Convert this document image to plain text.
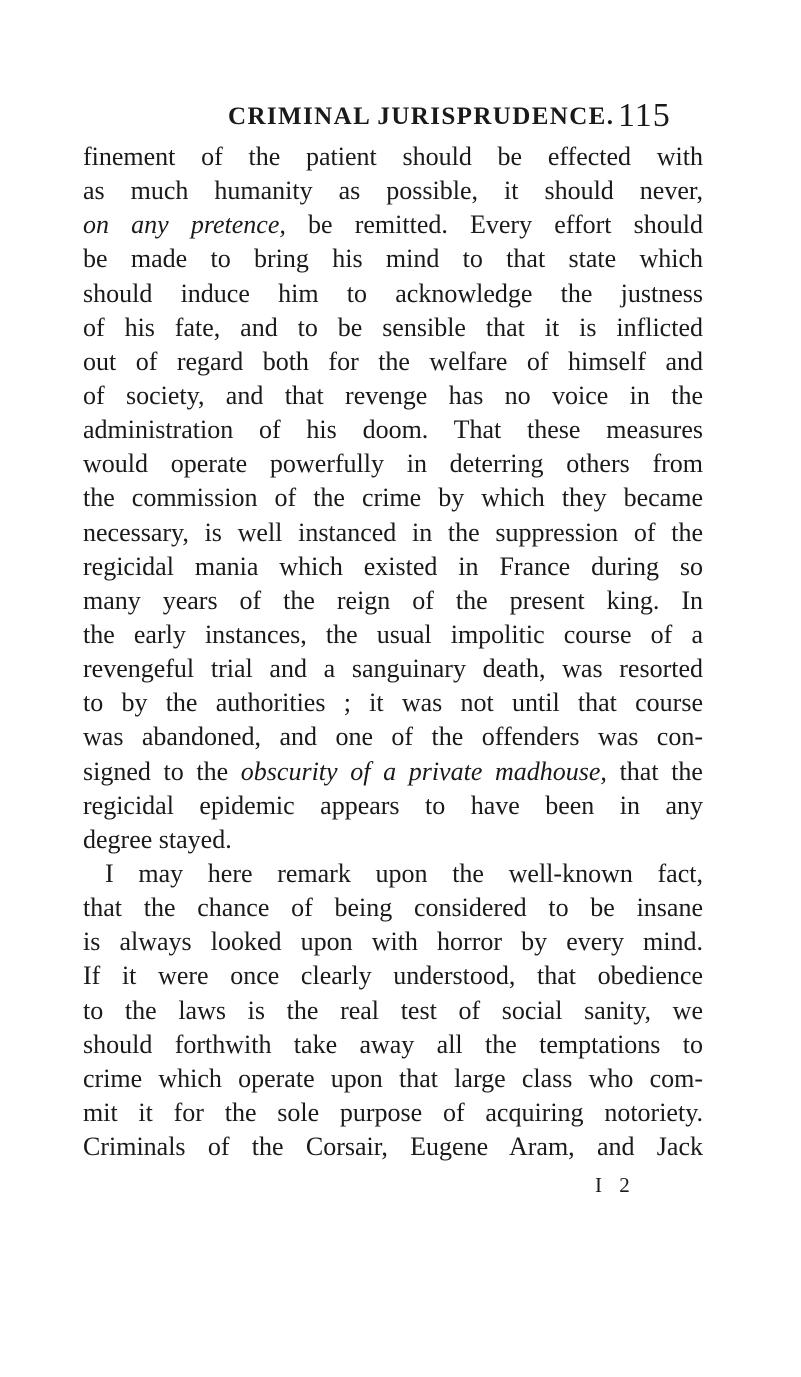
CRIMINAL JURISPRUDENCE. 115
finement of the patient should be effected with
as much humanity as possible, it should never,
on any pretence, be remitted. Every effort should
be made to bring his mind to that state which
should induce him to acknowledge the justness
of his fate, and to be sensible that it is inflicted
out of regard both for the welfare of himself and
of society, and that revenge has no voice in the
administration of his doom. That these measures
would operate powerfully in deterring others from
the commission of the crime by which they became
necessary, is well instanced in the suppression of the
regicidal mania which existed in France during so
many years of the reign of the present king. In
the early instances, the usual impolitic course of a
revengeful trial and a sanguinary death, was resorted
to by the authorities ; it was not until that course
was abandoned, and one of the offenders was con-
signed to the obscurity of a private madhouse, that the
regicidal epidemic appears to have been in any
degree stayed.
I may here remark upon the well-known fact,
that the chance of being considered to be insane
is always looked upon with horror by every mind.
If it were once clearly understood, that obedience
to the laws is the real test of social sanity, we
should forthwith take away all the temptations to
crime which operate upon that large class who com-
mit it for the sole purpose of acquiring notoriety.
Criminals of the Corsair, Eugene Aram, and Jack
I 2
